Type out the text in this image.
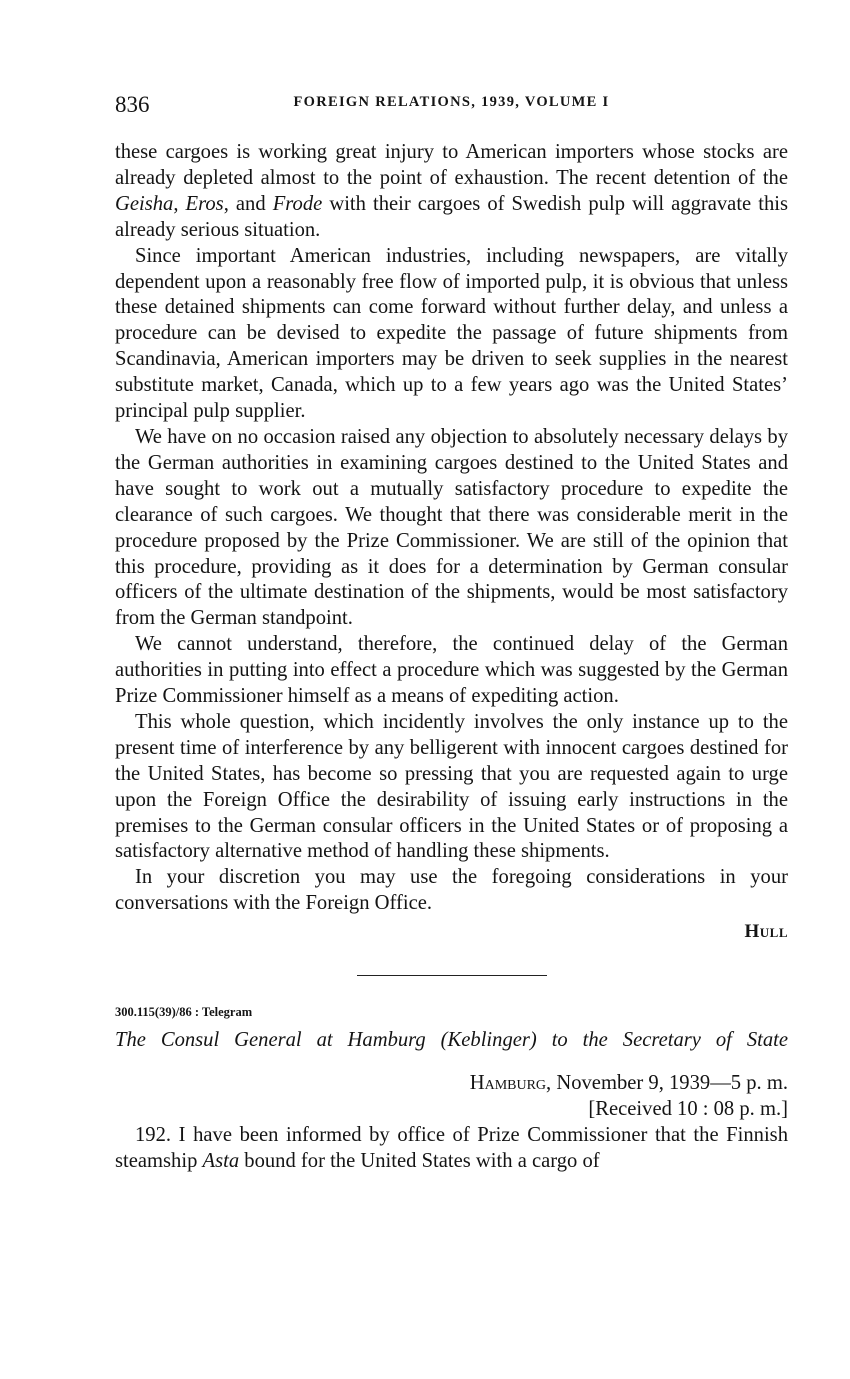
836	FOREIGN RELATIONS, 1939, VOLUME I

these cargoes is working great injury to American importers whose stocks are already depleted almost to the point of exhaustion. The recent detention of the Geisha, Eros, and Frode with their cargoes of Swedish pulp will aggravate this already serious situation.

Since important American industries, including newspapers, are vitally dependent upon a reasonably free flow of imported pulp, it is obvious that unless these detained shipments can come forward without further delay, and unless a procedure can be devised to expedite the passage of future shipments from Scandinavia, American importers may be driven to seek supplies in the nearest substitute market, Canada, which up to a few years ago was the United States’ principal pulp supplier.

We have on no occasion raised any objection to absolutely necessary delays by the German authorities in examining cargoes destined to the United States and have sought to work out a mutually satisfactory procedure to expedite the clearance of such cargoes. We thought that there was considerable merit in the procedure proposed by the Prize Commissioner. We are still of the opinion that this procedure, providing as it does for a determination by German consular officers of the ultimate destination of the shipments, would be most satisfactory from the German standpoint.

We cannot understand, therefore, the continued delay of the German authorities in putting into effect a procedure which was suggested by the German Prize Commissioner himself as a means of expediting action.

This whole question, which incidently involves the only instance up to the present time of interference by any belligerent with innocent cargoes destined for the United States, has become so pressing that you are requested again to urge upon the Foreign Office the desirability of issuing early instructions in the premises to the German consular officers in the United States or of proposing a satisfactory alternative method of handling these shipments.

In your discretion you may use the foregoing considerations in your conversations with the Foreign Office.

Hull
300.115(39)/86 : Telegram
The Consul General at Hamburg (Keblinger) to the Secretary of State
Hamburg, November 9, 1939—5 p. m.
[Received 10 : 08 p. m.]

192. I have been informed by office of Prize Commissioner that the Finnish steamship Asta bound for the United States with a cargo of
